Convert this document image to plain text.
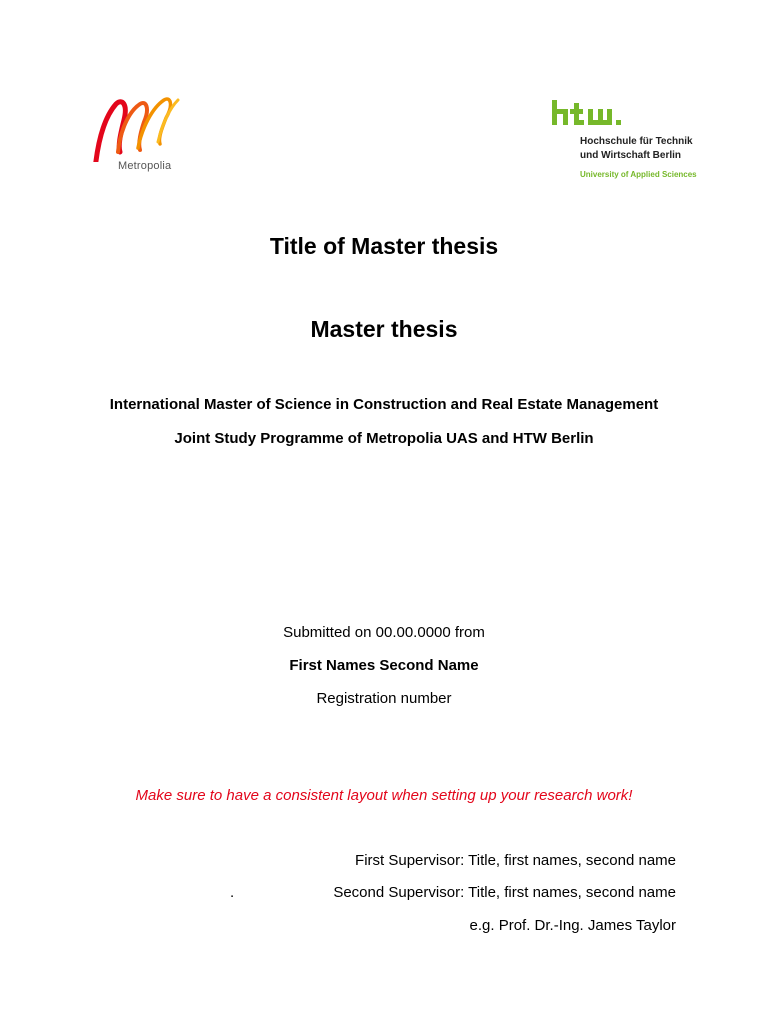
Metropolia
Hochschule für Technik
und Wirtschaft Berlin
University of Applied Sciences
Title of Master thesis
Master thesis
International Master of Science in Construction and Real Estate Management
Joint Study Programme of Metropolia UAS and HTW Berlin
Submitted on 00.00.0000 from
First Names Second Name
Registration number
Make sure to have a consistent layout when setting up your research work!
First Supervisor: Title, first names, second name
.	Second Supervisor: Title, first names, second name
e.g. Prof. Dr.-Ing. James Taylor
